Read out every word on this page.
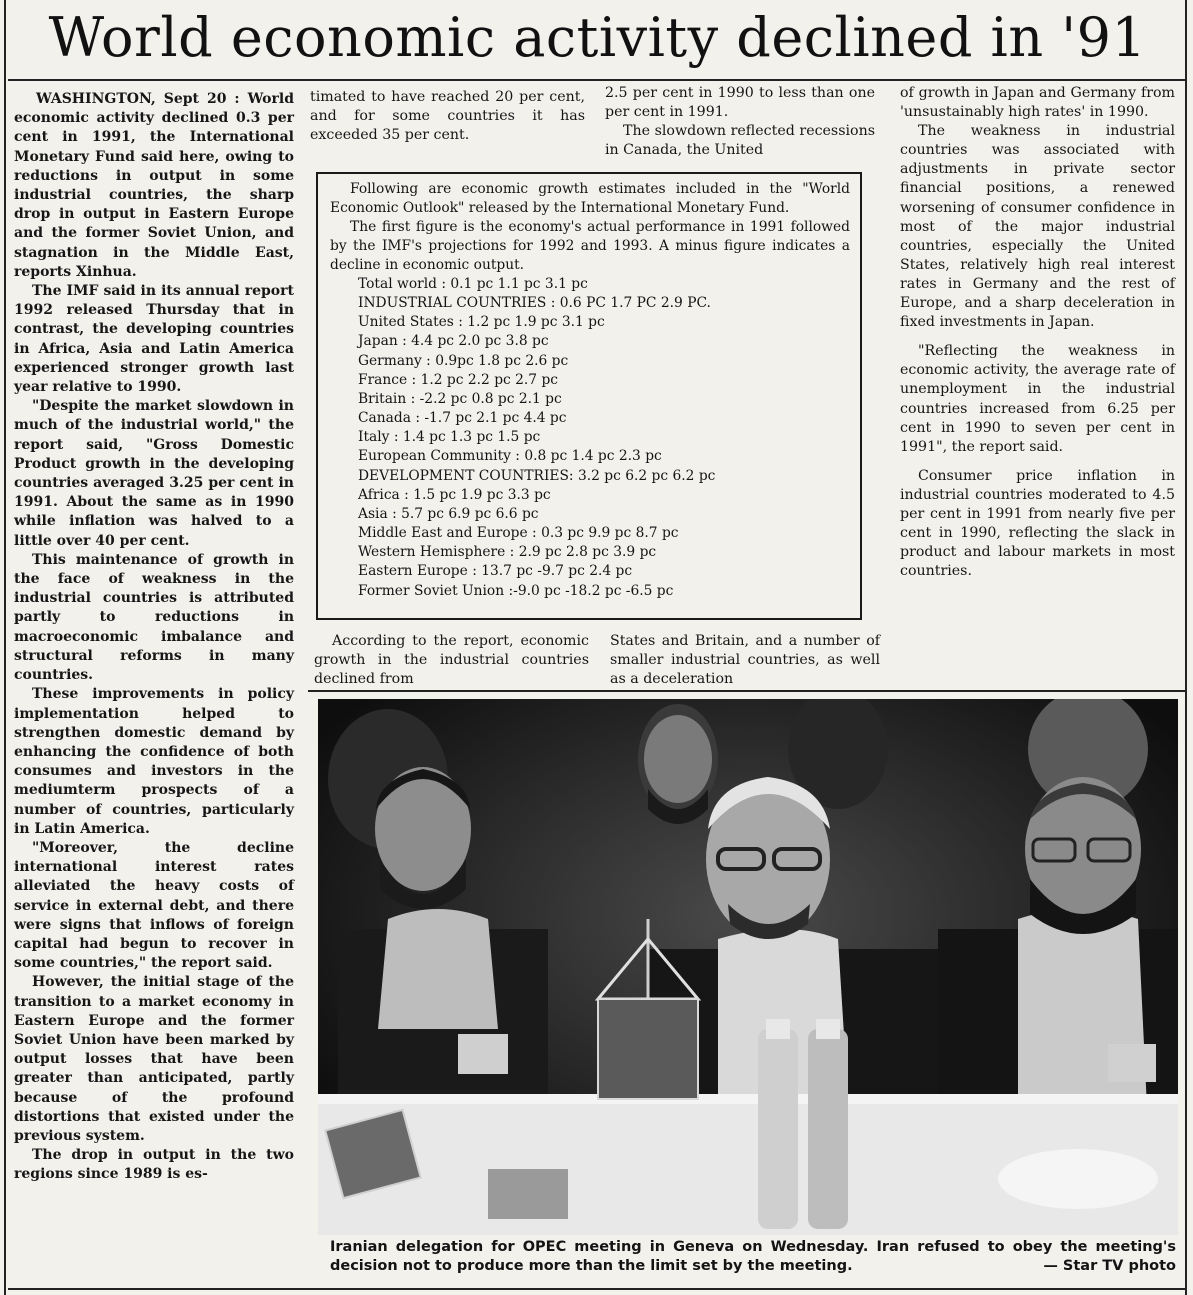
World economic activity declined in '91

WASHINGTON, Sept 20 : World economic activity declined 0.3 per cent in 1991, the International Monetary Fund said here, owing to reductions in output in some industrial countries, the sharp drop in output in Eastern Europe and the former Soviet Union, and stagnation in the Middle East, reports Xinhua.

The IMF said in its annual report 1992 released Thursday that in contrast, the developing countries in Africa, Asia and Latin America experienced stronger growth last year relative to 1990.

"Despite the market slowdown in much of the industrial world," the report said, "Gross Domestic Product growth in the developing countries averaged 3.25 per cent in 1991. About the same as in 1990 while inflation was halved to a little over 40 per cent.

This maintenance of growth in the face of weakness in the industrial countries is attributed partly to reductions in macroeconomic imbalance and structural reforms in many countries.

These improvements in policy implementation helped to strengthen domestic demand by enhancing the confidence of both consumes and investors in the mediumterm prospects of a number of countries, particularly in Latin America.

"Moreover, the decline international interest rates alleviated the heavy costs of service in external debt, and there were signs that inflows of foreign capital had begun to recover in some countries," the report said.

However, the initial stage of the transition to a market economy in Eastern Europe and the former Soviet Union have been marked by output losses that have been greater than anticipated, partly because of the profound distortions that existed under the previous system.

The drop in output in the two regions since 1989 is es-

timated to have reached 20 per cent, and for some countries it has exceeded 35 per cent.

2.5 per cent in 1990 to less than one per cent in 1991.

The slowdown reflected recessions in Canada, the United

Following are economic growth estimates included in the "World Economic Outlook" released by the International Monetary Fund.

The first figure is the economy's actual performance in 1991 followed by the IMF's projections for 1992 and 1993. A minus figure indicates a decline in economic output.

Total world : 0.1 pc 1.1 pc 3.1 pc
INDUSTRIAL COUNTRIES : 0.6 PC 1.7 PC 2.9 PC.
United States : 1.2 pc 1.9 pc 3.1 pc
Japan : 4.4 pc 2.0 pc 3.8 pc
Germany : 0.9pc 1.8 pc 2.6 pc
France : 1.2 pc 2.2 pc 2.7 pc
Britain : -2.2 pc 0.8 pc 2.1 pc
Canada : -1.7 pc 2.1 pc 4.4 pc
Italy : 1.4 pc 1.3 pc 1.5 pc
European Community : 0.8 pc 1.4 pc 2.3 pc
DEVELOPMENT COUNTRIES: 3.2 pc 6.2 pc 6.2 pc
Africa : 1.5 pc 1.9 pc 3.3 pc
Asia : 5.7 pc 6.9 pc 6.6 pc
Middle East and Europe : 0.3 pc 9.9 pc 8.7 pc
Western Hemisphere : 2.9 pc 2.8 pc 3.9 pc
Eastern Europe : 13.7 pc -9.7 pc 2.4 pc
Former Soviet Union :-9.0 pc -18.2 pc -6.5 pc

According to the report, economic growth in the industrial countries declined from

States and Britain, and a number of smaller industrial countries, as well as a deceleration

of growth in Japan and Germany from 'unsustainably high rates' in 1990.

The weakness in industrial countries was associated with adjustments in private sector financial positions, a renewed worsening of consumer confidence in most of the major industrial countries, especially the United States, relatively high real interest rates in Germany and the rest of Europe, and a sharp deceleration in fixed investments in Japan.

"Reflecting the weakness in economic activity, the average rate of unemployment in the industrial countries increased from 6.25 per cent in 1990 to seven per cent in 1991", the report said.

Consumer price inflation in industrial countries moderated to 4.5 per cent in 1991 from nearly five per cent in 1990, reflecting the slack in product and labour markets in most countries.

Iranian delegation for OPEC meeting in Geneva on Wednesday. Iran refused to obey the meeting's decision not to produce more than the limit set by the meeting.	— Star TV photo
